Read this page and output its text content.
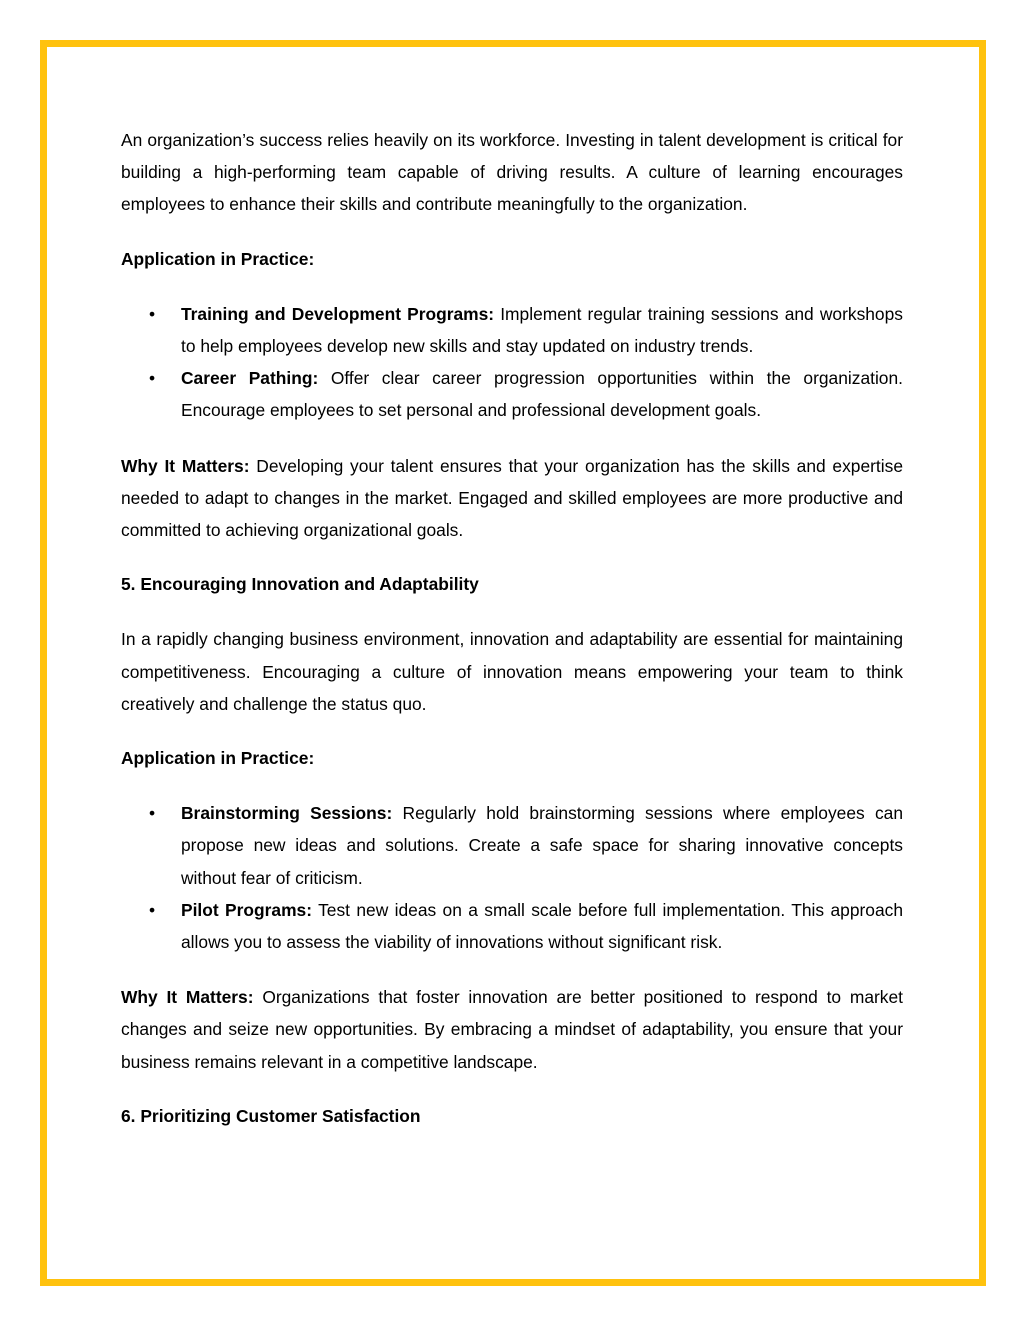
An organization’s success relies heavily on its workforce. Investing in talent development is critical for building a high-performing team capable of driving results. A culture of learning encourages employees to enhance their skills and contribute meaningfully to the organization.

Application in Practice:

• Training and Development Programs: Implement regular training sessions and workshops to help employees develop new skills and stay updated on industry trends.
• Career Pathing: Offer clear career progression opportunities within the organization. Encourage employees to set personal and professional development goals.

Why It Matters: Developing your talent ensures that your organization has the skills and expertise needed to adapt to changes in the market. Engaged and skilled employees are more productive and committed to achieving organizational goals.

5. Encouraging Innovation and Adaptability

In a rapidly changing business environment, innovation and adaptability are essential for maintaining competitiveness. Encouraging a culture of innovation means empowering your team to think creatively and challenge the status quo.

Application in Practice:

• Brainstorming Sessions: Regularly hold brainstorming sessions where employees can propose new ideas and solutions. Create a safe space for sharing innovative concepts without fear of criticism.
• Pilot Programs: Test new ideas on a small scale before full implementation. This approach allows you to assess the viability of innovations without significant risk.

Why It Matters: Organizations that foster innovation are better positioned to respond to market changes and seize new opportunities. By embracing a mindset of adaptability, you ensure that your business remains relevant in a competitive landscape.

6. Prioritizing Customer Satisfaction
